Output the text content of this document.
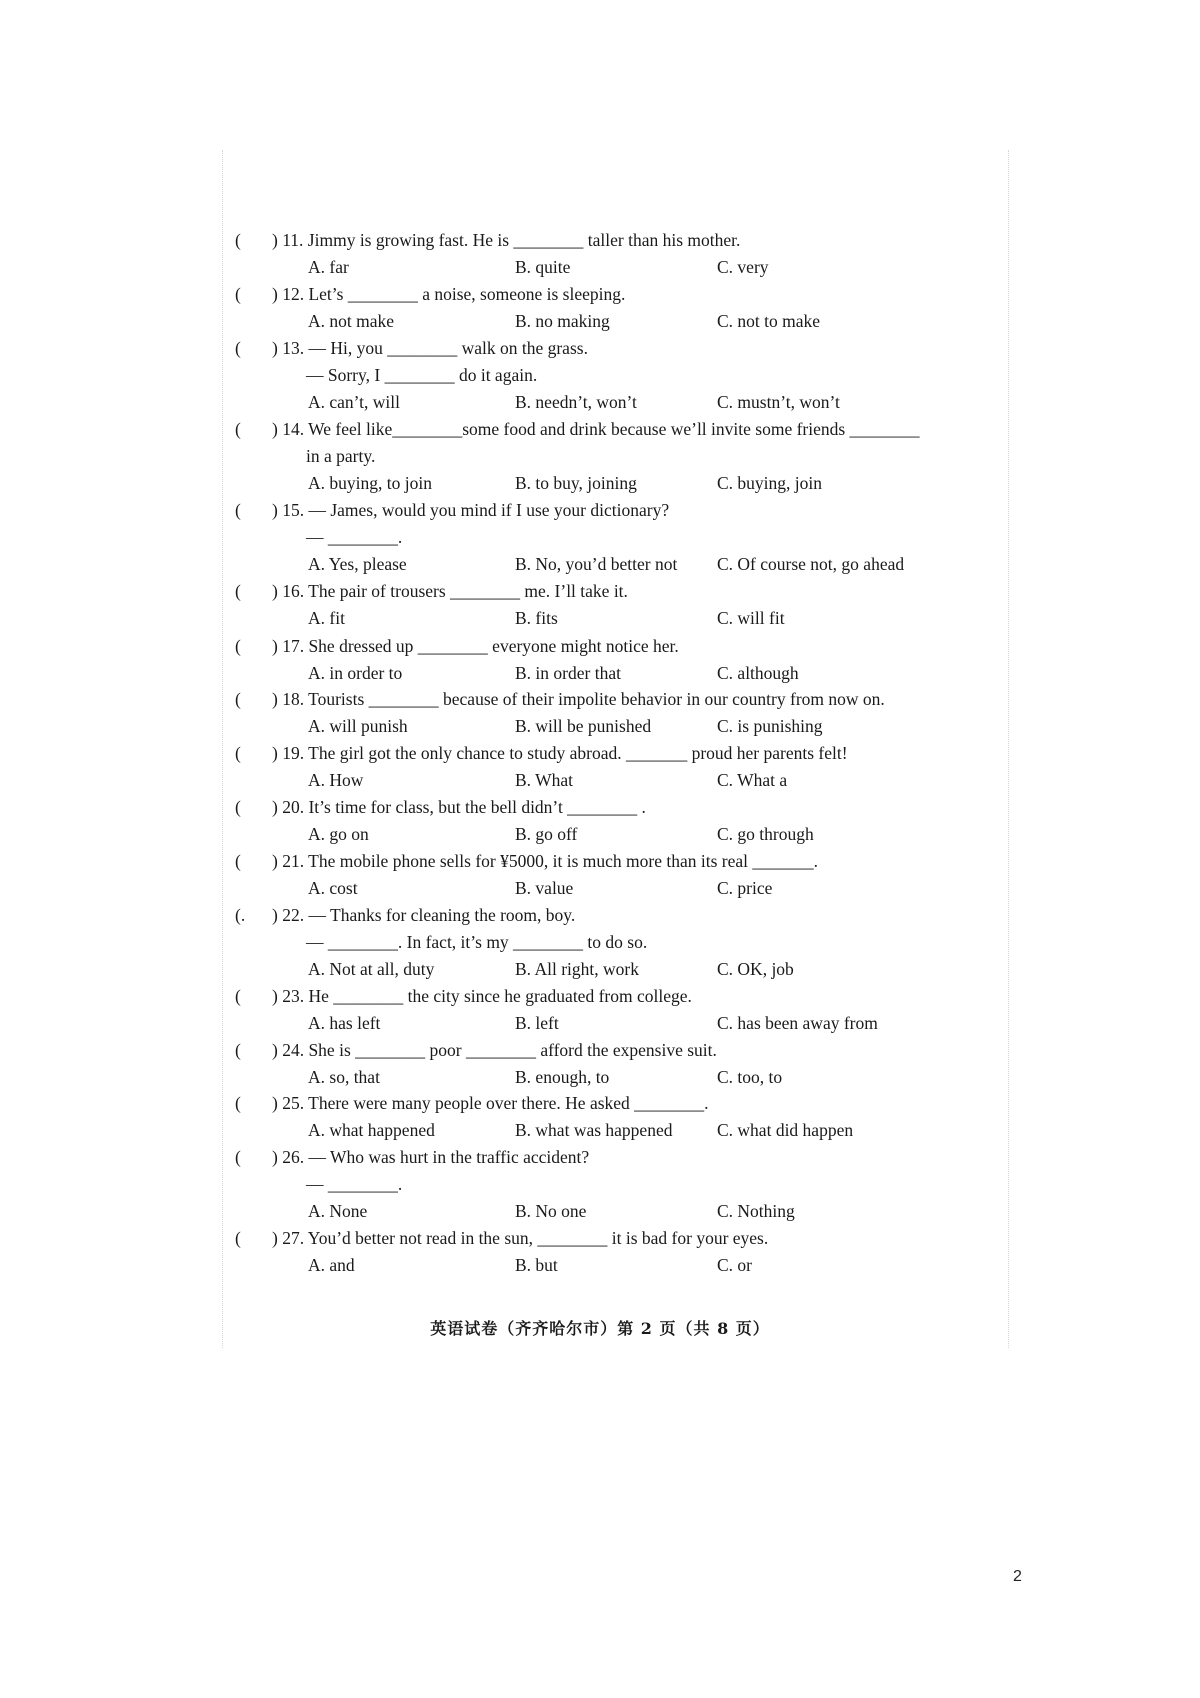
( ) 11. Jimmy is growing fast. He is ________ taller than his mother.
A. far	B. quite	C. very
( ) 12. Let’s ________ a noise, someone is sleeping.
A. not make	B. no making	C. not to make
( ) 13. — Hi, you ________ walk on the grass.
— Sorry, I ________ do it again.
A. can’t, will	B. needn’t, won’t	C. mustn’t, won’t
( ) 14. We feel like________some food and drink because we’ll invite some friends ________
in a party.
A. buying, to join	B. to buy, joining	C. buying, join
( ) 15. — James, would you mind if I use your dictionary?
— ________.
A. Yes, please	B. No, you’d better not C. Of course not, go ahead
( ) 16. The pair of trousers ________ me. I’ll take it.
A. fit	B. fits	C. will fit
( ) 17. She dressed up ________ everyone might notice her.
A. in order to	B. in order that	C. although
( ) 18. Tourists ________ because of their impolite behavior in our country from now on.
A. will punish	B. will be punished	C. is punishing
( ) 19. The girl got the only chance to study abroad. _______ proud her parents felt!
A. How	B. What	C. What a
( ) 20. It’s time for class, but the bell didn’t ________ .
A. go on	B. go off	C. go through
( ) 21. The mobile phone sells for ¥5000, it is much more than its real _______.
A. cost	B. value	C. price
(. ) 22. — Thanks for cleaning the room, boy.
— ________. In fact, it’s my ________ to do so.
A. Not at all, duty	B. All right, work	C. OK, job
( ) 23. He ________ the city since he graduated from college.
A. has left	B. left	C. has been away from
( ) 24. She is ________ poor ________ afford the expensive suit.
A. so, that	B. enough, to	C. too, to
( ) 25. There were many people over there. He asked ________.
A. what happened	B. what was happened	C. what did happen
( ) 26. — Who was hurt in the traffic accident?
— ________.
A. None	B. No one	C. Nothing
( ) 27. You’d better not read in the sun, ________ it is bad for your eyes.
A. and	B. but	C. or
英语试卷（齐齐哈尔市）第 2 页（共 8 页）
2
